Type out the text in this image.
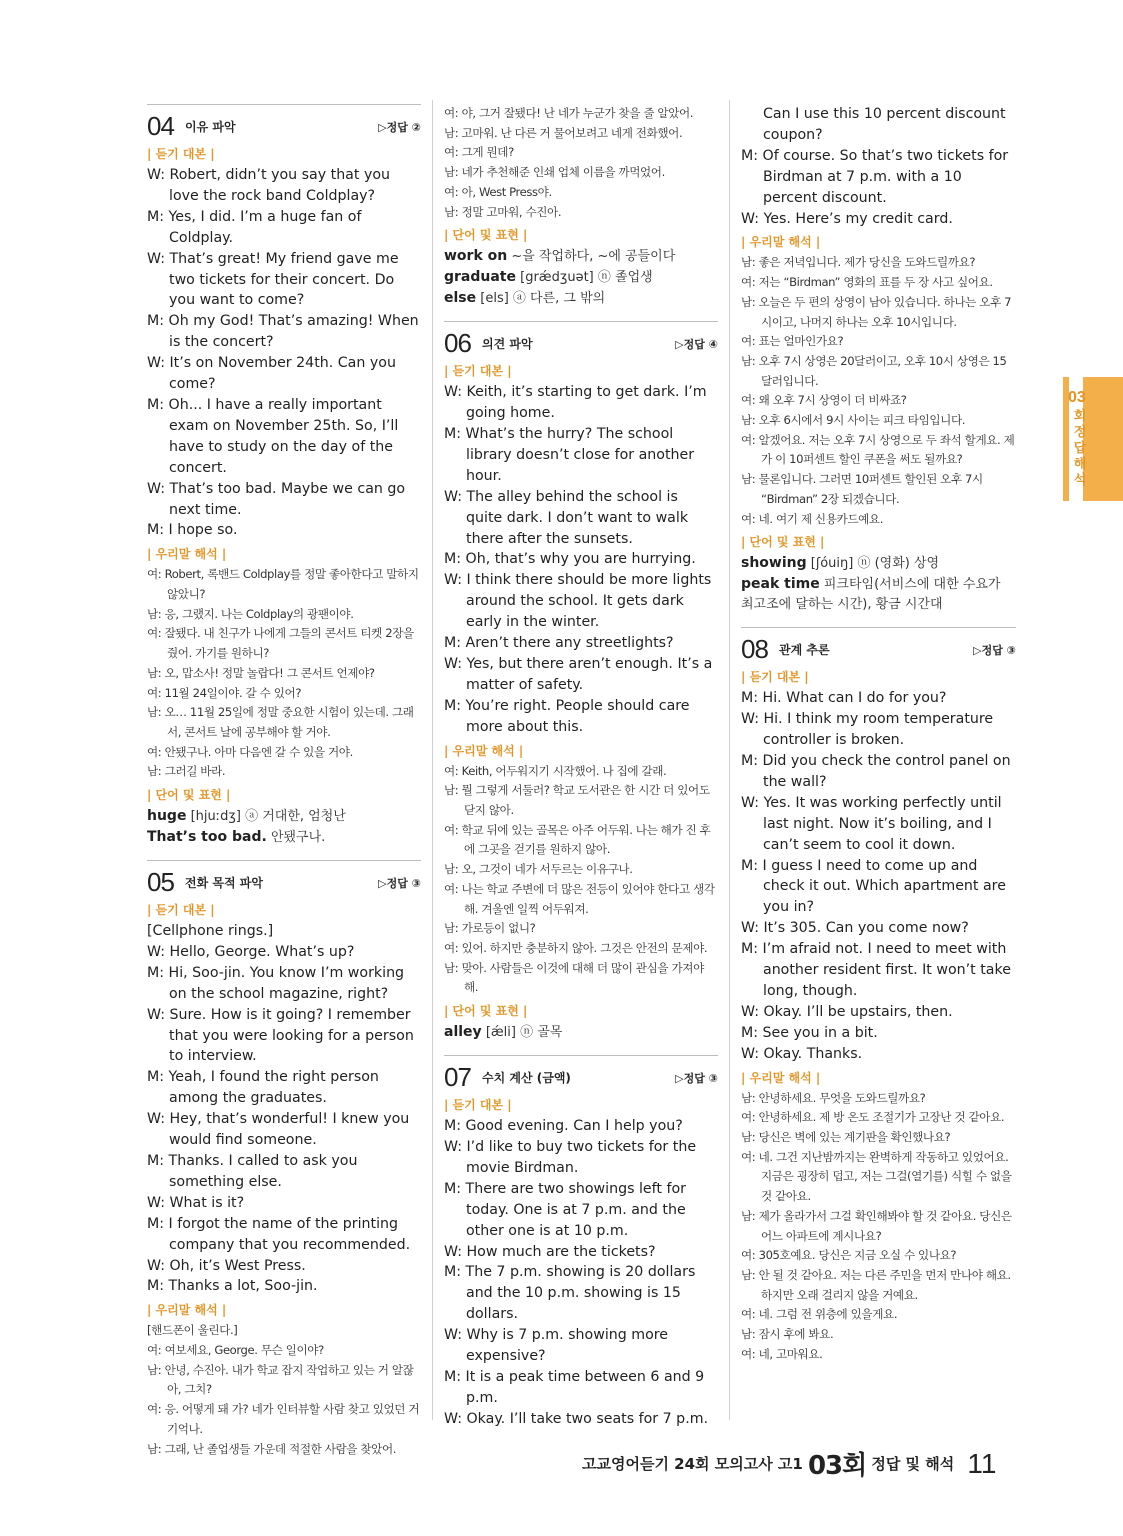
04 이유 파악	▷정답 ②
| 듣기 대본 |

W: Robert, didn’t you say that you love the rock band Coldplay?

M: Yes, I did. I’m a huge fan of Coldplay.

W: That’s great! My friend gave me two tickets for their concert. Do you want to come?

M: Oh my God! That’s amazing! When is the concert?

W: It’s on November 24th. Can you come?

M: Oh... I have a really important exam on November 25th. So, I’ll have to study on the day of the concert.

W: That’s too bad. Maybe we can go next time.

M: I hope so.

| 우리말 해석 |

여: Robert, 록밴드 Coldplay를 정말 좋아한다고 말하지 않았니?

남: 응, 그랬지. 나는 Coldplay의 광팬이야.

여: 잘됐다. 내 친구가 나에게 그들의 콘서트 티켓 2장을 줬어. 가기를 원하니?

남: 오, 맙소사! 정말 놀랍다! 그 콘서트 언제야?

여: 11월 24일이야. 갈 수 있어?

남: 오… 11월 25일에 정말 중요한 시험이 있는데. 그래서, 콘서트 날에 공부해야 할 거야.

여: 안됐구나. 아마 다음엔 갈 수 있을 거야.

남: 그러길 바라.

| 단어 및 표현 |

huge [hjuːdʒ] ⓐ 거대한, 엄청난

That’s too bad. 안됐구나.

05 전화 목적 파악	▷정답 ③
| 듣기 대본 |

[Cellphone rings.]

W: Hello, George. What’s up?

M: Hi, Soo-jin. You know I’m working on the school magazine, right?

W: Sure. How is it going? I remember that you were looking for a person to interview.

M: Yeah, I found the right person among the graduates.

W: Hey, that’s wonderful! I knew you would find someone.

M: Thanks. I called to ask you something else.

W: What is it?

M: I forgot the name of the printing company that you recommended.

W: Oh, it’s West Press.

M: Thanks a lot, Soo-jin.

| 우리말 해석 |

[핸드폰이 울린다.]

여: 여보세요, George. 무슨 일이야?

남: 안녕, 수진아. 내가 학교 잡지 작업하고 있는 거 알잖아, 그치?

여: 응. 어떻게 돼 가? 네가 인터뷰할 사람 찾고 있었던 거 기억나.

남: 그래, 난 졸업생들 가운데 적절한 사람을 찾았어.

여: 야, 그거 잘됐다! 난 네가 누군가 찾을 줄 알았어.

남: 고마워. 난 다른 거 물어보려고 네게 전화했어.

여: 그게 뭔데?

남: 네가 추천해준 인쇄 업체 이름을 까먹었어.

여: 아, West Press야.

남: 정말 고마워, 수진아.

| 단어 및 표현 |

work on ~을 작업하다, ~에 공들이다

graduate [grǽdʒuət] ⓝ 졸업생

else [els] ⓐ 다른, 그 밖의

06 의견 파악	▷정답 ④
| 듣기 대본 |

W: Keith, it’s starting to get dark. I’m going home.

M: What’s the hurry? The school library doesn’t close for another hour.

W: The alley behind the school is quite dark. I don’t want to walk there after the sunsets.

M: Oh, that’s why you are hurrying.

W: I think there should be more lights around the school. It gets dark early in the winter.

M: Aren’t there any streetlights?

W: Yes, but there aren’t enough. It’s a matter of safety.

M: You’re right. People should care more about this.

| 우리말 해석 |

여: Keith, 어두워지기 시작했어. 나 집에 갈래.

남: 뭘 그렇게 서둘러? 학교 도서관은 한 시간 더 있어도 닫지 않아.

여: 학교 뒤에 있는 골목은 아주 어두워. 나는 해가 진 후에 그곳을 걷기를 원하지 않아.

남: 오, 그것이 네가 서두르는 이유구나.

여: 나는 학교 주변에 더 많은 전등이 있어야 한다고 생각해. 겨울엔 일찍 어두워져.

남: 가로등이 없니?

여: 있어. 하지만 충분하지 않아. 그것은 안전의 문제야.

남: 맞아. 사람들은 이것에 대해 더 많이 관심을 가져야 해.

| 단어 및 표현 |

alley [ǽli] ⓝ 골목

07 수치 계산 (금액)	▷정답 ③
| 듣기 대본 |

M: Good evening. Can I help you?

W: I’d like to buy two tickets for the movie Birdman.

M: There are two showings left for today. One is at 7 p.m. and the other one is at 10 p.m.

W: How much are the tickets?

M: The 7 p.m. showing is 20 dollars and the 10 p.m. showing is 15 dollars.

W: Why is 7 p.m. showing more expensive?

M: It is a peak time between 6 and 9 p.m.

W: Okay. I’ll take two seats for 7 p.m.

Can I use this 10 percent discount coupon?

M: Of course. So that’s two tickets for Birdman at 7 p.m. with a 10 percent discount.

W: Yes. Here’s my credit card.

| 우리말 해석 |

남: 좋은 저녁입니다. 제가 당신을 도와드릴까요?

여: 저는 “Birdman” 영화의 표를 두 장 사고 싶어요.

남: 오늘은 두 편의 상영이 남아 있습니다. 하나는 오후 7시이고, 나머지 하나는 오후 10시입니다.

여: 표는 얼마인가요?

남: 오후 7시 상영은 20달러이고, 오후 10시 상영은 15달러입니다.

여: 왜 오후 7시 상영이 더 비싸죠?

남: 오후 6시에서 9시 사이는 피크 타임입니다.

여: 알겠어요. 저는 오후 7시 상영으로 두 좌석 할게요. 제가 이 10퍼센트 할인 쿠폰을 써도 될까요?

남: 물론입니다. 그러면 10퍼센트 할인된 오후 7시 “Birdman” 2장 되겠습니다.

여: 네. 여기 제 신용카드예요.

| 단어 및 표현 |

showing [ʃóuiŋ] ⓝ (영화) 상영

peak time 피크타임(서비스에 대한 수요가 최고조에 달하는 시간), 황금 시간대

08 관계 추론	▷정답 ③
| 듣기 대본 |

M: Hi. What can I do for you?

W: Hi. I think my room temperature controller is broken.

M: Did you check the control panel on the wall?

W: Yes. It was working perfectly until last night. Now it’s boiling, and I can’t seem to cool it down.

M: I guess I need to come up and check it out. Which apartment are you in?

W: It’s 305. Can you come now?

M: I’m afraid not. I need to meet with another resident first. It won’t take long, though.

W: Okay. I’ll be upstairs, then.

M: See you in a bit.

W: Okay. Thanks.

| 우리말 해석 |

남: 안녕하세요. 무엇을 도와드릴까요?

여: 안녕하세요. 제 방 온도 조절기가 고장난 것 같아요.

남: 당신은 벽에 있는 계기판을 확인했나요?

여: 네. 그건 지난밤까지는 완벽하게 작동하고 있었어요. 지금은 굉장히 덥고, 저는 그걸(열기를) 식힐 수 없을 것 같아요.

남: 제가 올라가서 그걸 확인해봐야 할 것 같아요. 당신은 어느 아파트에 계시나요?

여: 305호예요. 당신은 지금 오실 수 있나요?

남: 안 될 것 같아요. 저는 다른 주민을 먼저 만나야 해요. 하지만 오래 걸리지 않을 거예요.

여: 네. 그럼 전 위층에 있을게요.

남: 잠시 후에 봐요.

여: 네, 고마워요.

03
회
정
답
해
석
고교영어듣기 24회 모의고사 고1 03회 정답 및 해석 11
